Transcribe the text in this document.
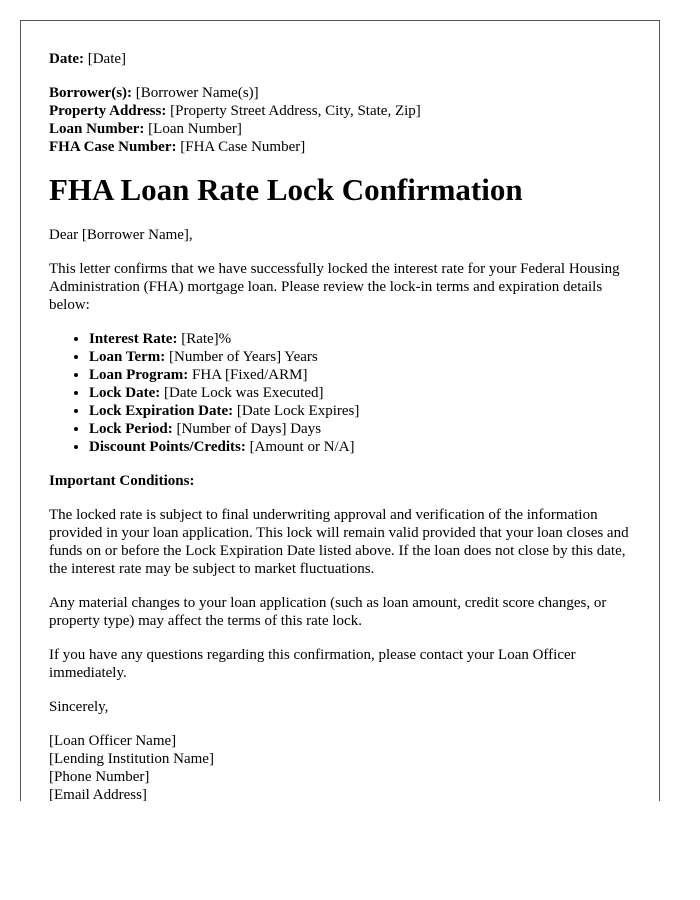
Date: [Date]
Borrower(s): [Borrower Name(s)]
Property Address: [Property Street Address, City, State, Zip]
Loan Number: [Loan Number]
FHA Case Number: [FHA Case Number]
FHA Loan Rate Lock Confirmation

Dear [Borrower Name],

This letter confirms that we have successfully locked the interest rate for your Federal Housing Administration (FHA) mortgage loan. Please review the lock-in terms and expiration details below:

• Interest Rate: [Rate]%
• Loan Term: [Number of Years] Years
• Loan Program: FHA [Fixed/ARM]
• Lock Date: [Date Lock was Executed]
• Lock Expiration Date: [Date Lock Expires]
• Lock Period: [Number of Days] Days
• Discount Points/Credits: [Amount or N/A]

Important Conditions:

The locked rate is subject to final underwriting approval and verification of the information provided in your loan application. This lock will remain valid provided that your loan closes and funds on or before the Lock Expiration Date listed above. If the loan does not close by this date, the interest rate may be subject to market fluctuations.

Any material changes to your loan application (such as loan amount, credit score changes, or property type) may affect the terms of this rate lock.

If you have any questions regarding this confirmation, please contact your Loan Officer immediately.

Sincerely,

[Loan Officer Name]
[Lending Institution Name]
[Phone Number]
[Email Address]
